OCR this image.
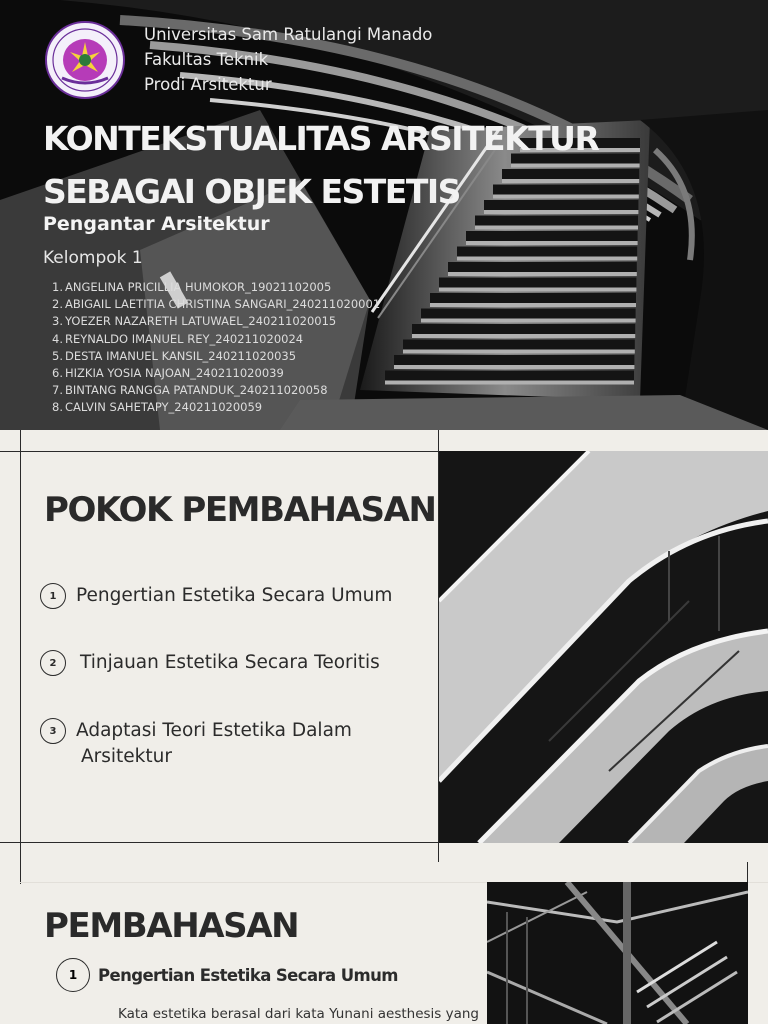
Universitas Sam Ratulangi Manado
Fakultas Teknik
Prodi Arsitektur
KONTEKSTUALITAS ARSITEKTUR
SEBAGAI OBJEK ESTETIS
Pengantar Arsitektur
Kelompok 1
1. ANGELINA PRICILLIA HUMOKOR_19021102005
2. ABIGAIL LAETITIA CHRISTINA SANGARI_240211020001
3. YOEZER NAZARETH LATUWAEL_240211020015
4. REYNALDO IMANUEL REY_240211020024
5. DESTA IMANUEL KANSIL_240211020035
6. HIZKIA YOSIA NAJOAN_240211020039
7. BINTANG RANGGA PATANDUK_240211020058
8. CALVIN SAHETAPY_240211020059
POKOK PEMBAHASAN
1	Pengertian Estetika Secara Umum
2	Tinjauan Estetika Secara Teoritis
3	Adaptasi Teori Estetika Dalam
Arsitektur
PEMBAHASAN
1	Pengertian Estetika Secara Umum
Kata estetika berasal dari kata Yunani aesthesis yang
